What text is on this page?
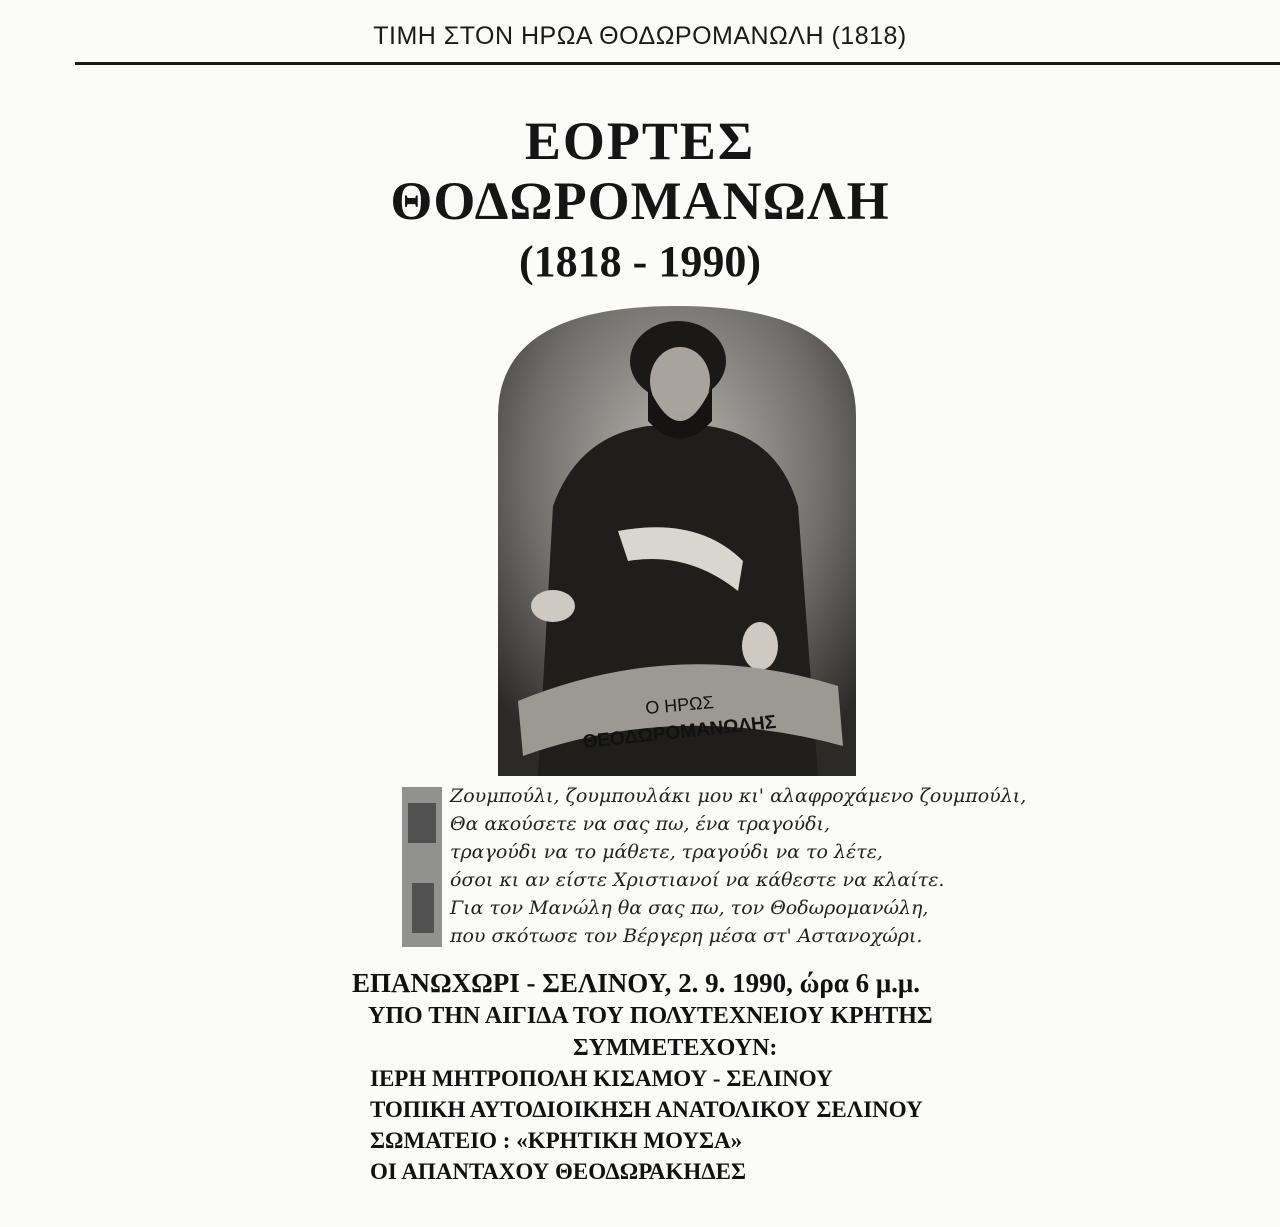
ΤΙΜΗ ΣΤΟΝ ΗΡΩΑ ΘΟΔΩΡΟΜΑΝΩΛΗ (1818)
ΕΟΡΤΕΣ
ΘΟΔΩΡΟΜΑΝΩΛΗ
(1818 - 1990)
Ο ΗΡΩΣ
ΘΕΟΔΩΡΟΜΑΝΩΛΗΣ
Ζουμπούλι, ζουμπουλάκι μου κι' αλαφροχάμενο ζουμπούλι,
Θα ακούσετε να σας πω, ένα τραγούδι,
τραγούδι να το μάθετε, τραγούδι να το λέτε,
όσοι κι αν είστε Χριστιανοί να κάθεστε να κλαίτε.
Για τον Μανώλη θα σας πω, τον Θοδωρομανώλη,
που σκότωσε τον Βέργερη μέσα στ' Αστανοχώρι.
ΕΠΑΝΩΧΩΡΙ - ΣΕΛΙΝΟΥ, 2. 9. 1990, ώρα 6 μ.μ.
ΥΠΟ ΤΗΝ ΑΙΓΙΔΑ ΤΟΥ ΠΟΛΥΤΕΧΝΕΙΟΥ ΚΡΗΤΗΣ
ΣΥΜΜΕΤΕΧΟΥΝ:
ΙΕΡΗ ΜΗΤΡΟΠΟΛΗ ΚΙΣΑΜΟΥ - ΣΕΛΙΝΟΥ
ΤΟΠΙΚΗ ΑΥΤΟΔΙΟΙΚΗΣΗ ΑΝΑΤΟΛΙΚΟΥ ΣΕΛΙΝΟΥ
ΣΩΜΑΤΕΙΟ : «ΚΡΗΤΙΚΗ ΜΟΥΣΑ»
ΟΙ ΑΠΑΝΤΑΧΟΥ ΘΕΟΔΩΡΑΚΗΔΕΣ
